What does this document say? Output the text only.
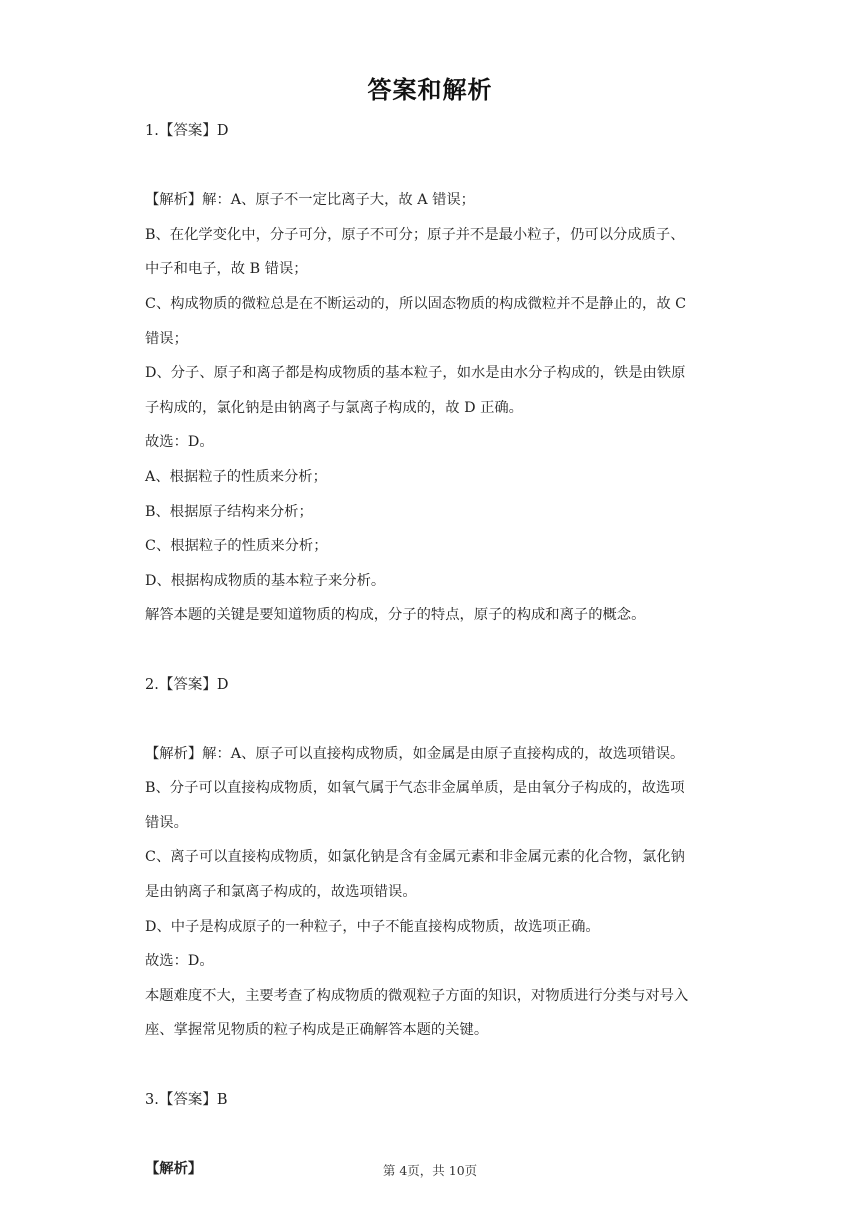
答案和解析
1.【答案】D
【解析】解：A、原子不一定比离子大，故 A 错误；
B、在化学变化中，分子可分，原子不可分；原子并不是最小粒子，仍可以分成质子、
中子和电子，故 B 错误；
C、构成物质的微粒总是在不断运动的，所以固态物质的构成微粒并不是静止的，故 C
错误；
D、分子、原子和离子都是构成物质的基本粒子，如水是由水分子构成的，铁是由铁原
子构成的，氯化钠是由钠离子与氯离子构成的，故 D 正确。
故选：D。
A、根据粒子的性质来分析；
B、根据原子结构来分析；
C、根据粒子的性质来分析；
D、根据构成物质的基本粒子来分析。
解答本题的关键是要知道物质的构成，分子的特点，原子的构成和离子的概念。
2.【答案】D
【解析】解：A、原子可以直接构成物质，如金属是由原子直接构成的，故选项错误。
B、分子可以直接构成物质，如氧气属于气态非金属单质，是由氧分子构成的，故选项
错误。
C、离子可以直接构成物质，如氯化钠是含有金属元素和非金属元素的化合物，氯化钠
是由钠离子和氯离子构成的，故选项错误。
D、中子是构成原子的一种粒子，中子不能直接构成物质，故选项正确。
故选：D。
本题难度不大，主要考查了构成物质的微观粒子方面的知识，对物质进行分类与对号入
座、掌握常见物质的粒子构成是正确解答本题的关键。
3.【答案】B
【解析】	第 4页，共 10页
